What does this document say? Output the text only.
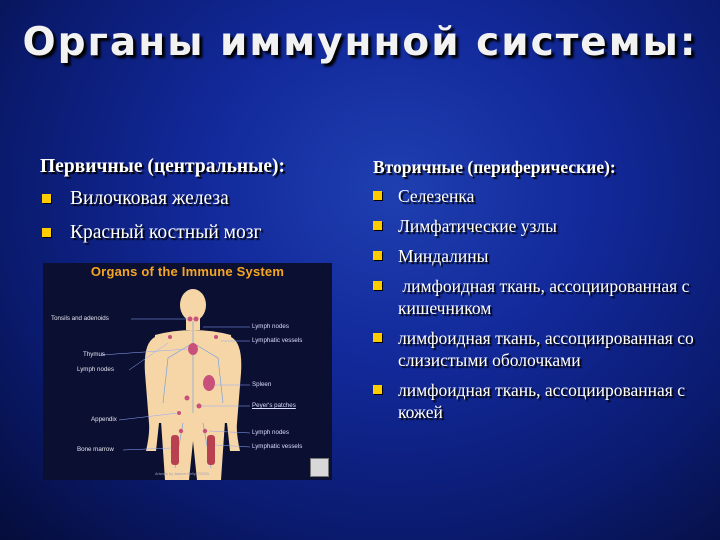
Органы иммунной системы:
Первичные (центральные):
Вилочковая железа
Красный костный мозг
Вторичные (периферические):
Селезенка
Лимфатические узлы
Миндалины
лимфоидная ткань, ассоциированная с кишечником
лимфоидная ткань, ассоциированная со слизистыми оболочками
лимфоидная ткань, ассоциированная с кожей
Organs of the Immune System
Tonsils and adenoids
Thymus
Lymph nodes
Appendix
Bone marrow
Lymph nodes
Lymphatic vessels
Spleen
Peyer's patches
Lymph nodes
Lymphatic vessels
Artwork by Jeanne Kelly. ©2003
